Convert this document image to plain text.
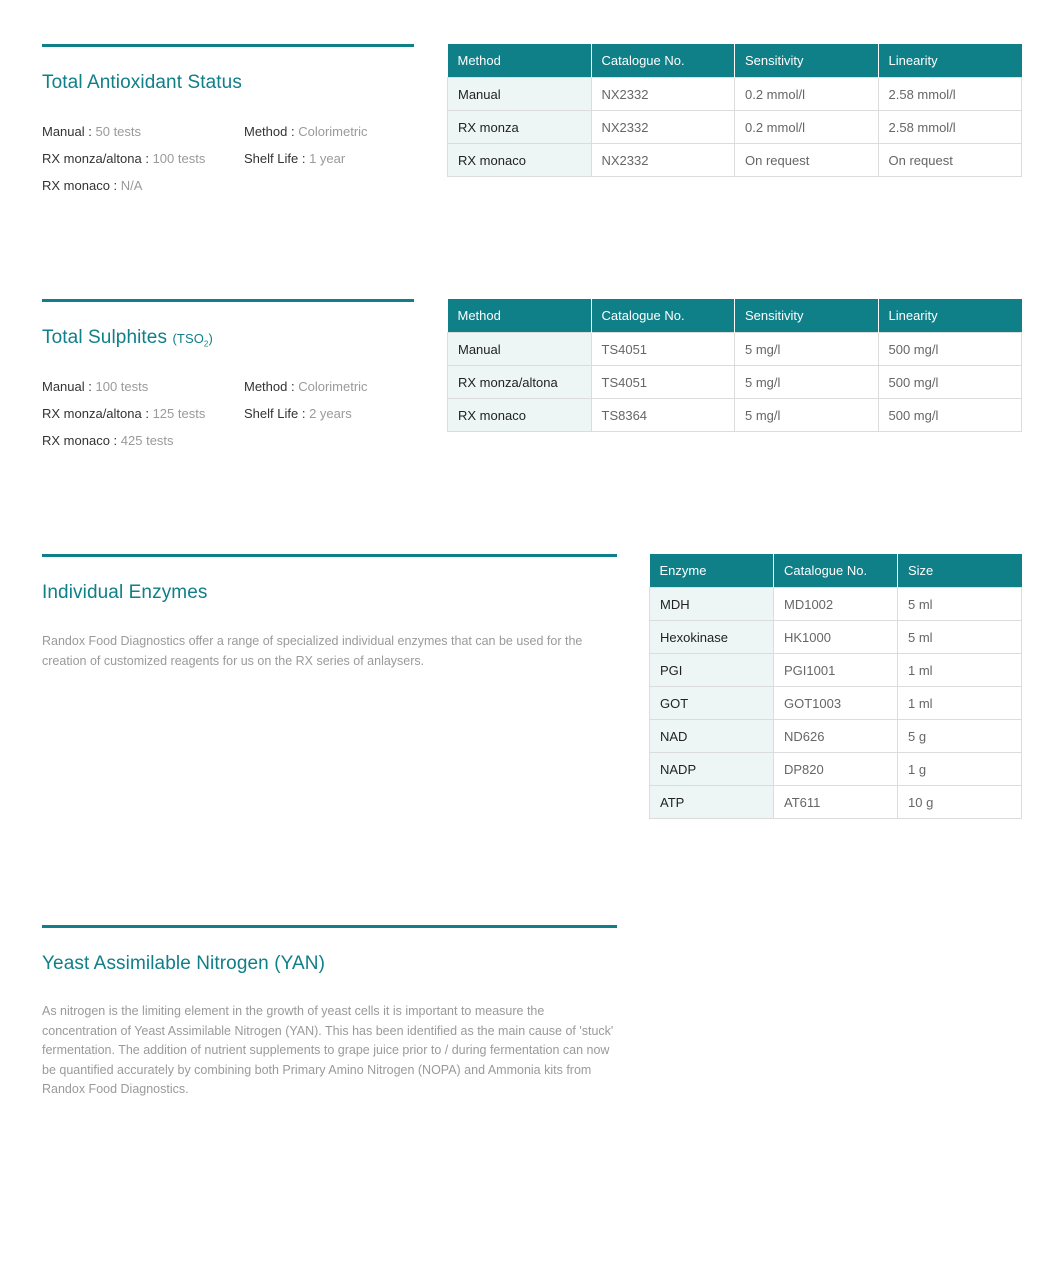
Total Antioxidant Status
Manual : 50 tests
RX monza/altona : 100 tests
RX monaco : N/A
Method : Colorimetric
Shelf Life : 1 year
Method	Catalogue No.	Sensitivity	Linearity
Manual	NX2332	0.2 mmol/l	2.58 mmol/l
RX monza	NX2332	0.2 mmol/l	2.58 mmol/l
RX monaco	NX2332	On request	On request
Total Sulphites $(TSO_2)$
Manual : 100 tests
RX monza/altona : 125 tests
RX monaco : 425 tests
Method : Colorimetric
Shelf Life : 2 years
Method	Catalogue No.	Sensitivity	Linearity
Manual	TS4051	5 mg/l	500 mg/l
RX monza/altona	TS4051	5 mg/l	500 mg/l
RX monaco	TS8364	5 mg/l	500 mg/l
Individual Enzymes

Randox Food Diagnostics offer a range of specialized individual enzymes that can be used for the creation of customized reagents for us on the RX series of anlaysers.

Enzyme	Catalogue No.	Size
MDH	MD1002	5 ml
Hexokinase	HK1000	5 ml
PGI	PGI1001	1 ml
GOT	GOT1003	1 ml
NAD	ND626	5 g
NADP	DP820	1 g
ATP	AT611	10 g
Yeast Assimilable Nitrogen (YAN)

As nitrogen is the limiting element in the growth of yeast cells it is important to measure the concentration of Yeast Assimilable Nitrogen (YAN). This has been identified as the main cause of 'stuck' fermentation. The addition of nutrient supplements to grape juice prior to / during fermentation can now be quantified accurately by combining both Primary Amino Nitrogen (NOPA) and Ammonia kits from Randox Food Diagnostics.
